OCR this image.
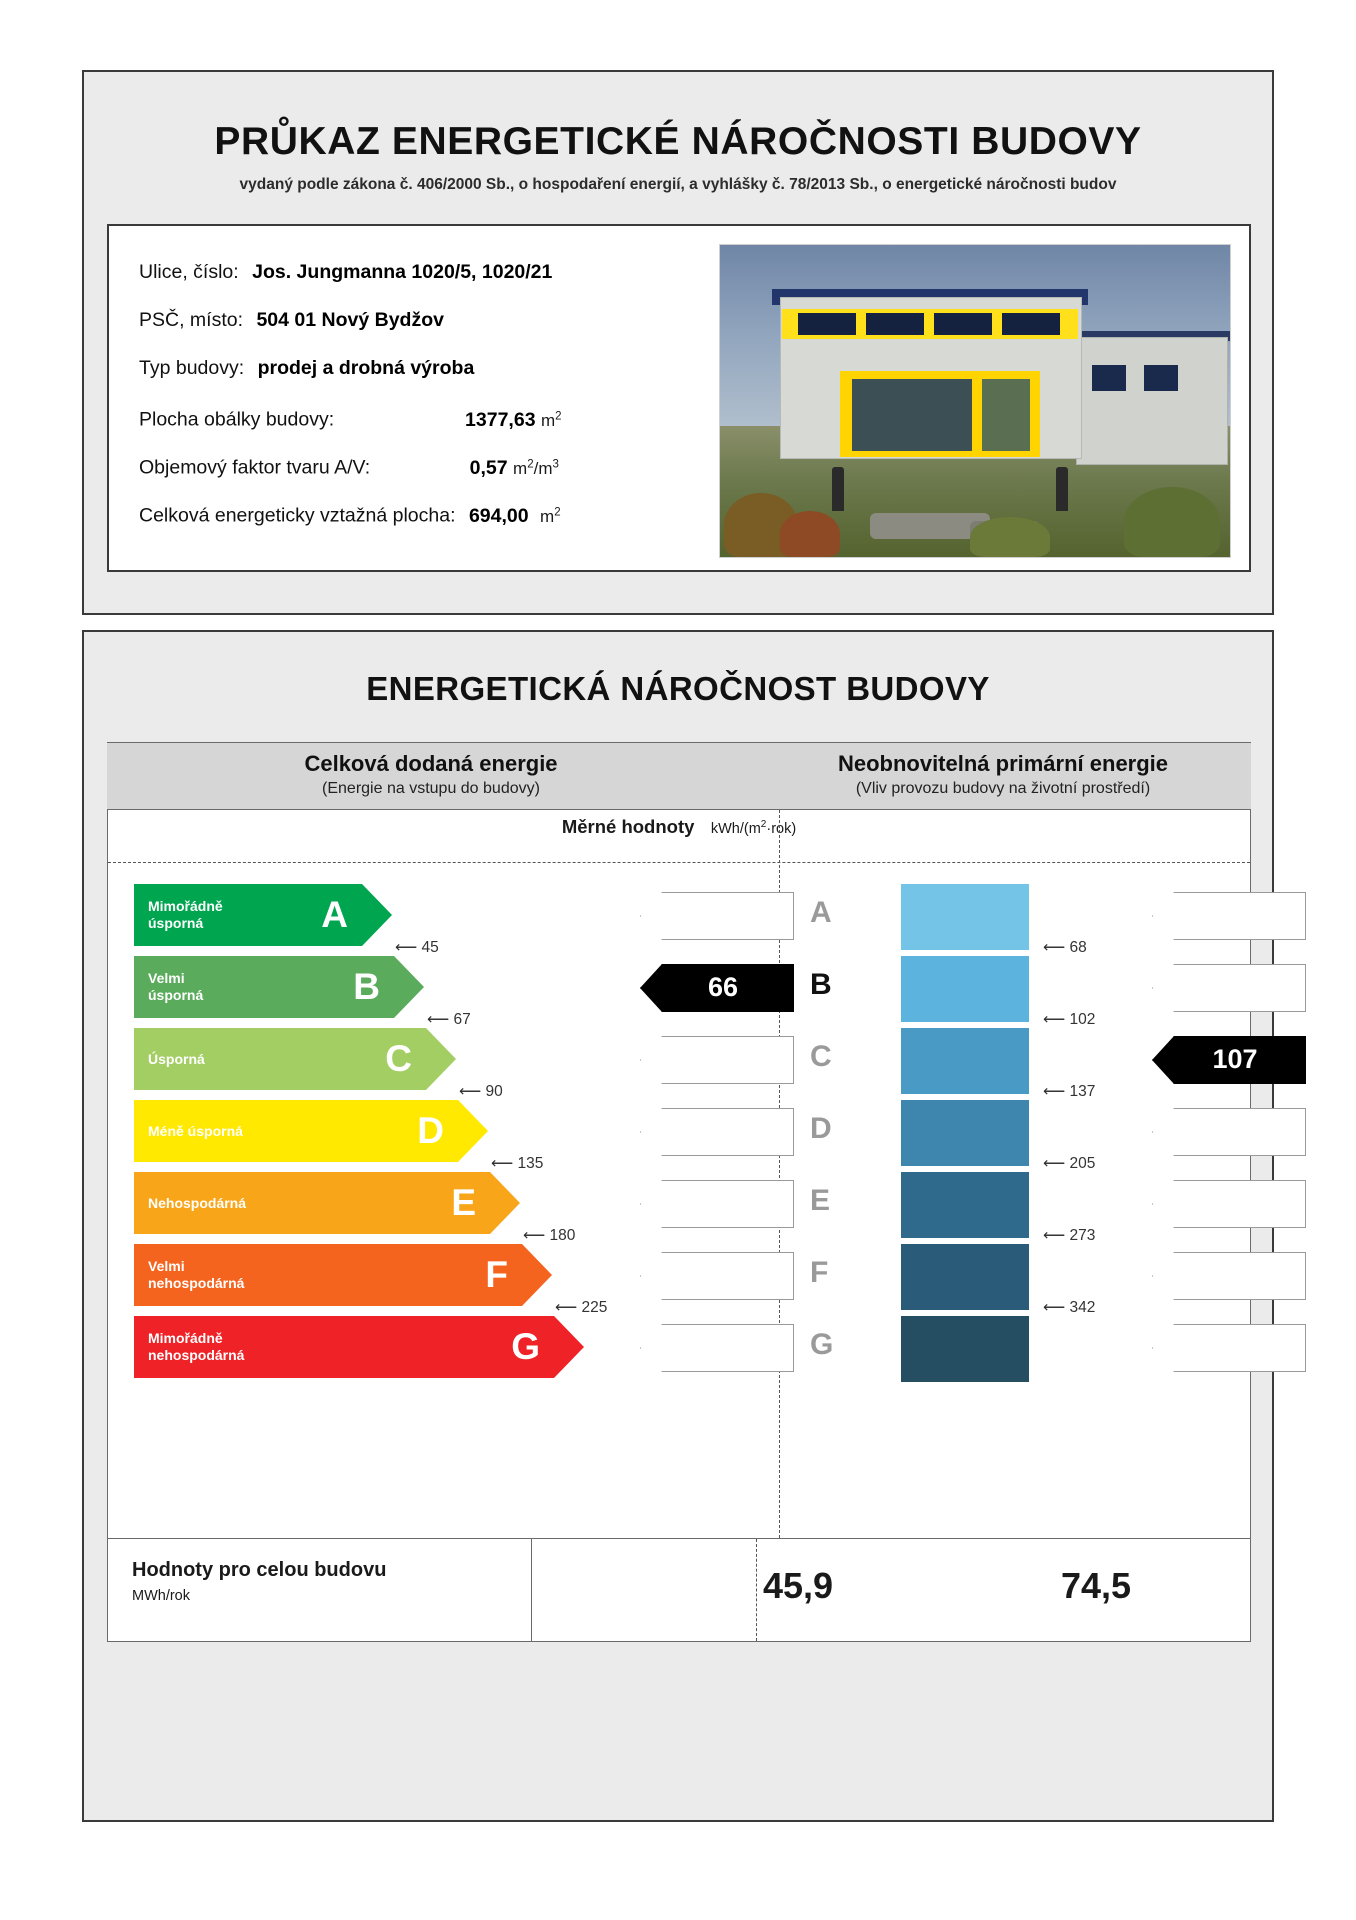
PRŮKAZ ENERGETICKÉ NÁROČNOSTI BUDOVY
vydaný podle zákona č. 406/2000 Sb., o hospodaření energií, a vyhlášky č. 78/2013 Sb., o energetické náročnosti budov
Ulice, číslo: Jos. Jungmanna 1020/5, 1020/21
PSČ, místo: 504 01 Nový Bydžov
Typ budovy: prodej a drobná výroba
Plocha obálky budovy:	1377,63 $m^2$
Objemový faktor tvaru A/V:	0,57 $m^2/m^3$
Celková energeticky vztažná plocha: 694,00 $m^2$
ENERGETICKÁ NÁROČNOST BUDOVY
Celková dodaná energie
(Energie na vstupu do budovy)
Neobnovitelná primární energie
(Vliv provozu budovy na životní prostředí)
Měrné hodnoty kWh/$(m^2\cdot rok)$
Mimořádně
úsporná	A
Velmi
úsporná	B
Úsporná	C
Méně úsporná	D
Nehospodárná	E
Velmi
nehospodárná	F
Mimořádně
nehospodárná	G
⟵ 45
⟵ 67
⟵ 90
⟵ 135
⟵ 180
⟵ 225
A
66	B
C
D
E
F
G
⟵ 68
⟵ 102
⟵ 137
⟵ 205
⟵ 273
⟵ 342
107
Hodnoty pro celou budovu
MWh/rok	45,9	74,5
